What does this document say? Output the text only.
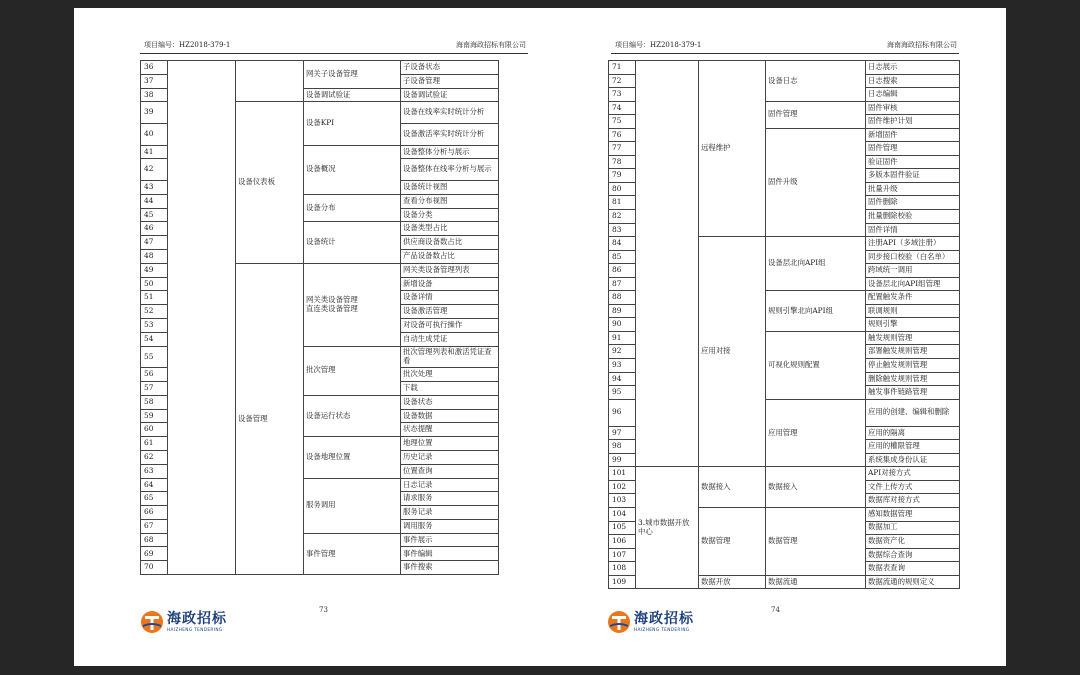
项目编号：HZ2018-379-1	海南海政招标有限公司
36
37
38
39
40
41
42
43
44
45
46
47
48
49
50
51
52
53
54
55
56
57
58
59
60
61
62
63
64
65
66
67
68
69
70
设备仪表板
设备管理
网关子设备管理
设备调试验证
设备KPI
设备概况
设备分布
设备统计
网关类设备管理
直连类设备管理
批次管理
设备运行状态
设备地理位置
服务调用
事件管理
子设备状态
子设备管理
设备调试验证
设备在线率实时统计分析
设备激活率实时统计分析
设备整体分析与展示
设备整体在线率分析与展示
设备统计视图
查看分布视图
设备分类
设备类型占比
供应商设备数占比
产品设备数占比
网关类设备管理列表
新增设备
设备详情
设备激活管理
对设备可执行操作
自动生成凭证
批次管理列表和激活凭证查看
批次处理
下载
设备状态
设备数据
状态提醒
地理位置
历史记录
位置查询
日志记录
请求服务
服务记录
调用服务
事件展示
事件编辑
事件搜索
73
海政招标
HAIZHENG TENDERING
项目编号：HZ2018-379-1	海南海政招标有限公司
71
72
73
74
75
76
77
78
79
80
81
82
83
84
85
86
87
88
89
90
91
92
93
94
95
96
97
98
99
101
102
103
104
105
106
107
108
109
3.城市数据开放中心
远程维护
应用对接
数据接入
数据管理
数据开放
设备日志
固件管理
固件升级
设备层北向API组
规则引擎北向API组
可视化规则配置
应用管理
数据接入
数据管理
数据流通
日志展示
日志搜索
日志编辑
固件审核
固件维护计划
新增固件
固件管理
验证固件
多版本固件验证
批量升级
固件删除
批量删除校验
固件详情
注册API（多域注册）
同步接口校验（白名单）
跨域统一调用
设备层北向API组管理
配置触发条件
联调规则
规则引擎
触发规则管理
部署触发规则管理
停止触发规则管理
删除触发规则管理
触发事件链路管理
应用的创建、编辑和删除
应用的隔离
应用的權限管理
系统集成身份认证
API对接方式
文件上传方式
数据库对接方式
感知数据管理
数据加工
数据资产化
数据综合查询
数据表查询
数据流通的规则定义
74
海政招标
HAIZHENG TENDERING
